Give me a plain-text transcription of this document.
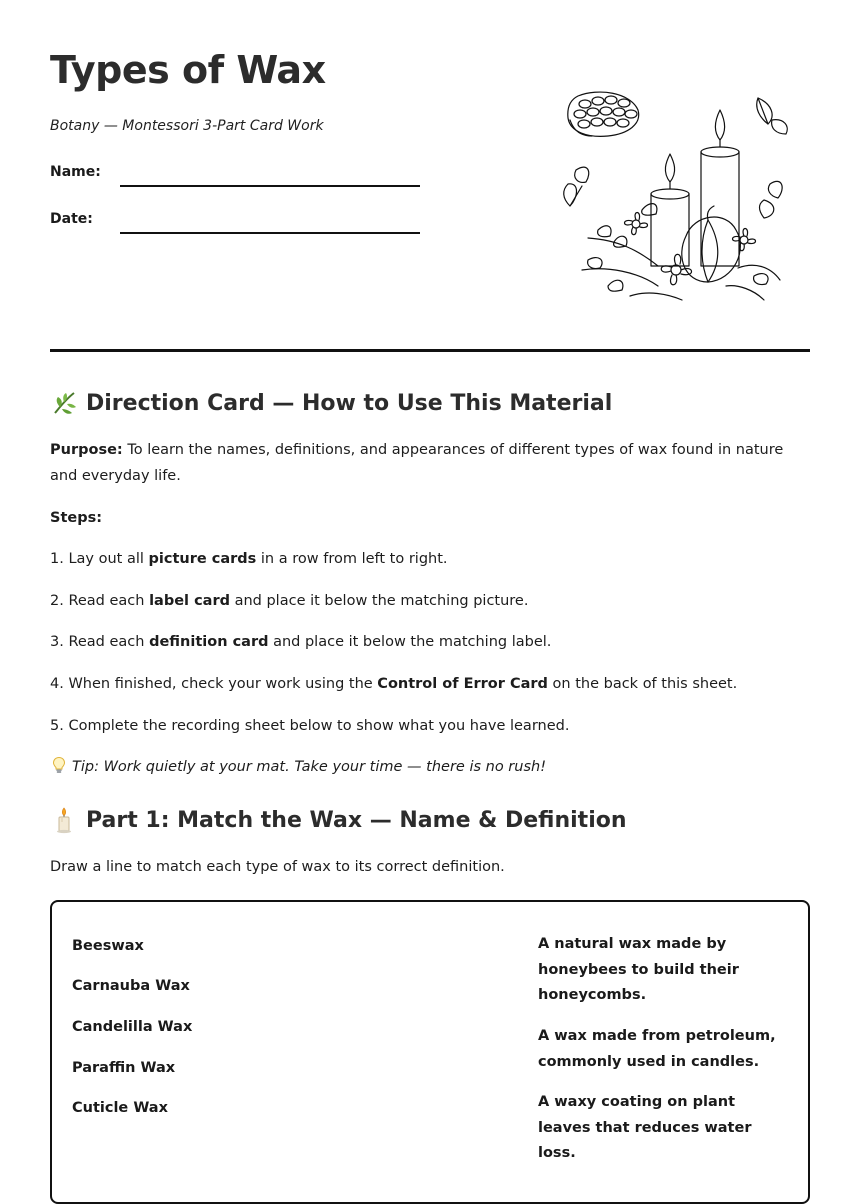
Types of Wax

Botany — Montessori 3-Part Card Work

Name:
Date:
Direction Card — How to Use This Material

Purpose: To learn the names, definitions, and appearances of different types of wax found in nature and everyday life.

Steps:

1. Lay out all picture cards in a row from left to right.

2. Read each label card and place it below the matching picture.

3. Read each definition card and place it below the matching label.

4. When finished, check your work using the Control of Error Card on the back of this sheet.

5. Complete the recording sheet below to show what you have learned.

Tip: Work quietly at your mat. Take your time — there is no rush!

Part 1: Match the Wax — Name & Definition

Draw a line to match each type of wax to its correct definition.

Beeswax
Carnauba Wax
Candelilla Wax
Paraffin Wax
Cuticle Wax
A natural wax made by honeybees to build their honeycombs.
A wax made from petroleum, commonly used in candles.
A waxy coating on plant leaves that reduces water loss.
